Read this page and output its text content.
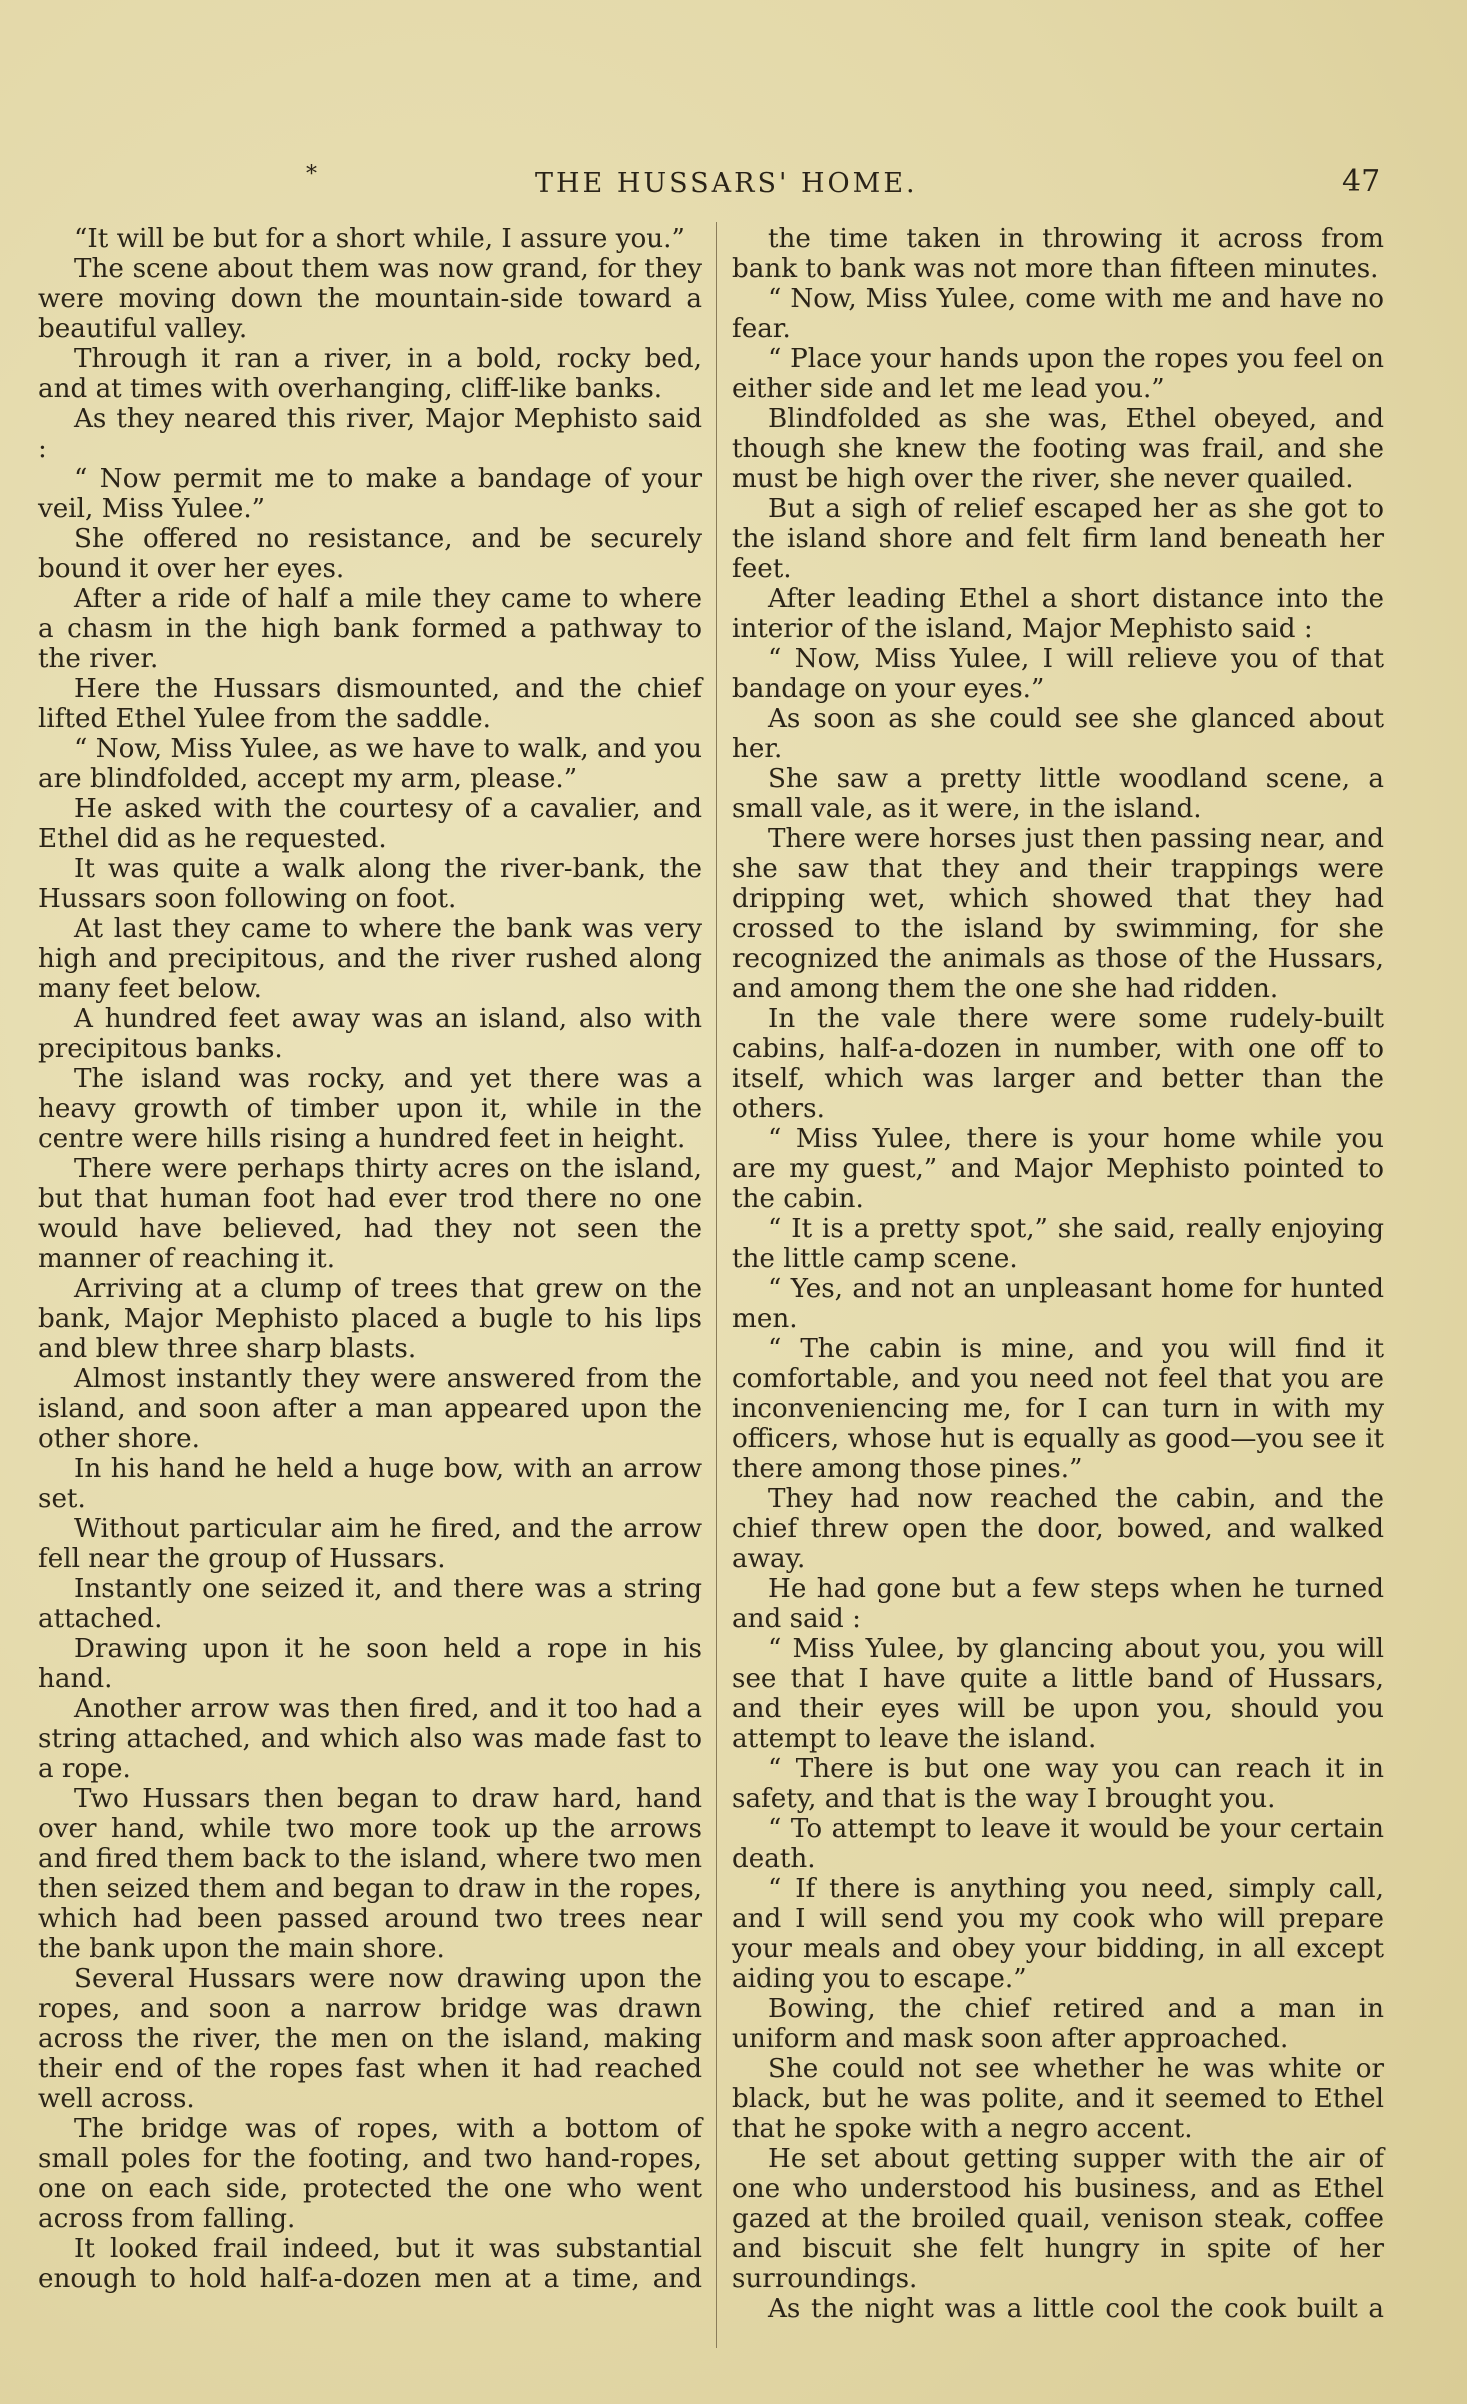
*	THE HUSSARS' HOME.	47

“It will be but for a short while, I assure you.”

The scene about them was now grand, for they were moving down the mountain-side toward a beautiful valley.

Through it ran a river, in a bold, rocky bed, and at times with overhanging, cliff-like banks.

As they neared this river, Major Mephisto said :

“ Now permit me to make a bandage of your veil, Miss Yulee.”

She offered no resistance, and be securely bound it over her eyes.

After a ride of half a mile they came to where a chasm in the high bank formed a pathway to the river.

Here the Hussars dismounted, and the chief lifted Ethel Yulee from the saddle.

“ Now, Miss Yulee, as we have to walk, and you are blindfolded, accept my arm, please.”

He asked with the courtesy of a cavalier, and Ethel did as he requested.

It was quite a walk along the river-bank, the Hussars soon following on foot.

At last they came to where the bank was very high and precipitous, and the river rushed along many feet below.

A hundred feet away was an island, also with precipitous banks.

The island was rocky, and yet there was a heavy growth of timber upon it, while in the centre were hills rising a hundred feet in height.

There were perhaps thirty acres on the island, but that human foot had ever trod there no one would have believed, had they not seen the manner of reaching it.

Arriving at a clump of trees that grew on the bank, Major Mephisto placed a bugle to his lips and blew three sharp blasts.

Almost instantly they were answered from the island, and soon after a man appeared upon the other shore.

In his hand he held a huge bow, with an arrow set.

Without particular aim he fired, and the arrow fell near the group of Hussars.

Instantly one seized it, and there was a string attached.

Drawing upon it he soon held a rope in his hand.

Another arrow was then fired, and it too had a string attached, and which also was made fast to a rope.

Two Hussars then began to draw hard, hand over hand, while two more took up the arrows and fired them back to the island, where two men then seized them and began to draw in the ropes, which had been passed around two trees near the bank upon the main shore.

Several Hussars were now drawing upon the ropes, and soon a narrow bridge was drawn across the river, the men on the island, making their end of the ropes fast when it had reached well across.

The bridge was of ropes, with a bottom of small poles for the footing, and two hand-ropes, one on each side, protected the one who went across from falling.

It looked frail indeed, but it was substantial enough to hold half-a-dozen men at a time, and

the time taken in throwing it across from bank to bank was not more than fifteen minutes.

“ Now, Miss Yulee, come with me and have no fear.

“ Place your hands upon the ropes you feel on either side and let me lead you.”

Blindfolded as she was, Ethel obeyed, and though she knew the footing was frail, and she must be high over the river, she never quailed.

But a sigh of relief escaped her as she got to the island shore and felt firm land beneath her feet.

After leading Ethel a short distance into the interior of the island, Major Mephisto said :

“ Now, Miss Yulee, I will relieve you of that bandage on your eyes.”

As soon as she could see she glanced about her.

She saw a pretty little woodland scene, a small vale, as it were, in the island.

There were horses just then passing near, and she saw that they and their trappings were dripping wet, which showed that they had crossed to the island by swimming, for she recognized the animals as those of the Hussars, and among them the one she had ridden.

In the vale there were some rudely-built cabins, half-a-dozen in number, with one off to itself, which was larger and better than the others.

“ Miss Yulee, there is your home while you are my guest,” and Major Mephisto pointed to the cabin.

“ It is a pretty spot,” she said, really enjoying the little camp scene.

“ Yes, and not an unpleasant home for hunted men.

“ The cabin is mine, and you will find it comfortable, and you need not feel that you are inconveniencing me, for I can turn in with my officers, whose hut is equally as good—you see it there among those pines.”

They had now reached the cabin, and the chief threw open the door, bowed, and walked away.

He had gone but a few steps when he turned and said :

“ Miss Yulee, by glancing about you, you will see that I have quite a little band of Hussars, and their eyes will be upon you, should you attempt to leave the island.

“ There is but one way you can reach it in safety, and that is the way I brought you.

“ To attempt to leave it would be your certain death.

“ If there is anything you need, simply call, and I will send you my cook who will prepare your meals and obey your bidding, in all except aiding you to escape.”

Bowing, the chief retired and a man in uniform and mask soon after approached.

She could not see whether he was white or black, but he was polite, and it seemed to Ethel that he spoke with a negro accent.

He set about getting supper with the air of one who understood his business, and as Ethel gazed at the broiled quail, venison steak, coffee and biscuit she felt hungry in spite of her surroundings.

As the night was a little cool the cook built a
